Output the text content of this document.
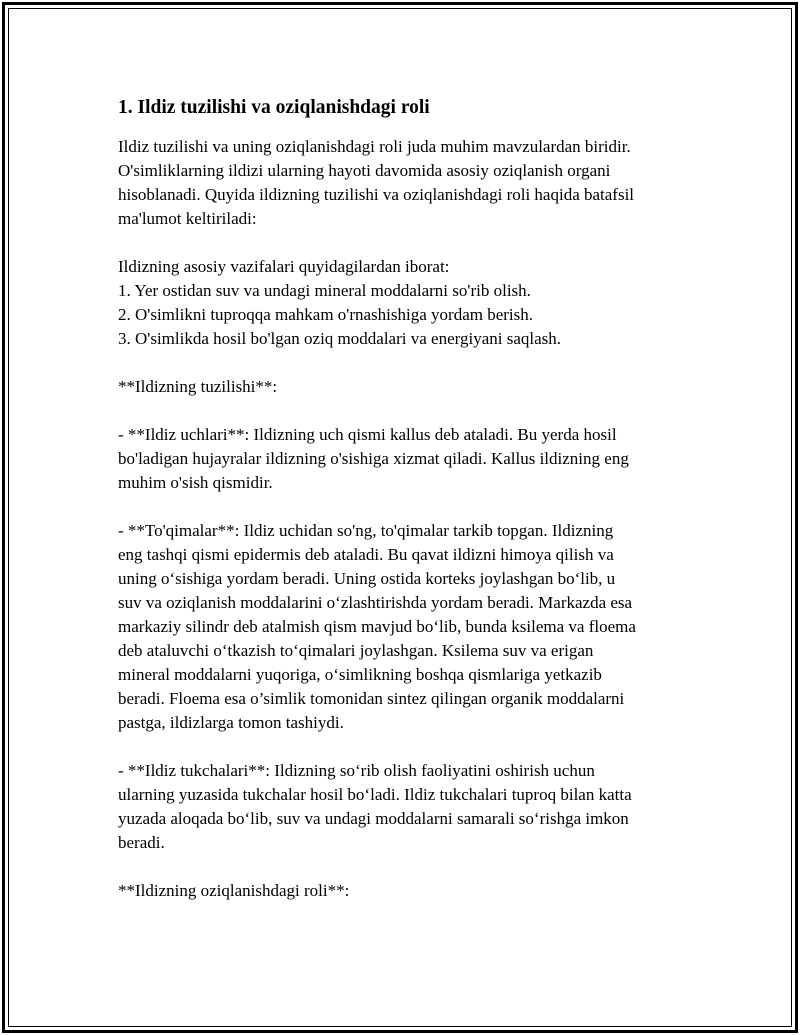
1. Ildiz tuzilishi va oziqlanishdagi roli
Ildiz tuzilishi va uning oziqlanishdagi roli juda muhim mavzulardan biridir.
O'simliklarning ildizi ularning hayoti davomida asosiy oziqlanish organi
hisoblanadi. Quyida ildizning tuzilishi va oziqlanishdagi roli haqida batafsil
ma'lumot keltiriladi:
Ildizning asosiy vazifalari quyidagilardan iborat:
1. Yer ostidan suv va undagi mineral moddalarni so'rib olish.
2. O'simlikni tuproqqa mahkam o'rnashishiga yordam berish.
3. O'simlikda hosil bo'lgan oziq moddalari va energiyani saqlash.
**Ildizning tuzilishi**:
- **Ildiz uchlari**: Ildizning uch qismi kallus deb ataladi. Bu yerda hosil
bo'ladigan hujayralar ildizning o'sishiga xizmat qiladi. Kallus ildizning eng
muhim o'sish qismidir.
- **To'qimalar**: Ildiz uchidan so'ng, to'qimalar tarkib topgan. Ildizning
eng tashqi qismi epidermis deb ataladi. Bu qavat ildizni himoya qilish va
uning o‘sishiga yordam beradi. Uning ostida korteks joylashgan bo‘lib, u
suv va oziqlanish moddalarini o‘zlashtirishda yordam beradi. Markazda esa
markaziy silindr deb atalmish qism mavjud bo‘lib, bunda ksilema va floema
deb ataluvchi o‘tkazish to‘qimalari joylashgan. Ksilema suv va erigan
mineral moddalarni yuqoriga, o‘simlikning boshqa qismlariga yetkazib
beradi. Floema esa o’simlik tomonidan sintez qilingan organik moddalarni
pastga, ildizlarga tomon tashiydi.
- **Ildiz tukchalari**: Ildizning so‘rib olish faoliyatini oshirish uchun
ularning yuzasida tukchalar hosil bo‘ladi. Ildiz tukchalari tuproq bilan katta
yuzada aloqada bo‘lib, suv va undagi moddalarni samarali so‘rishga imkon
beradi.
**Ildizning oziqlanishdagi roli**:
